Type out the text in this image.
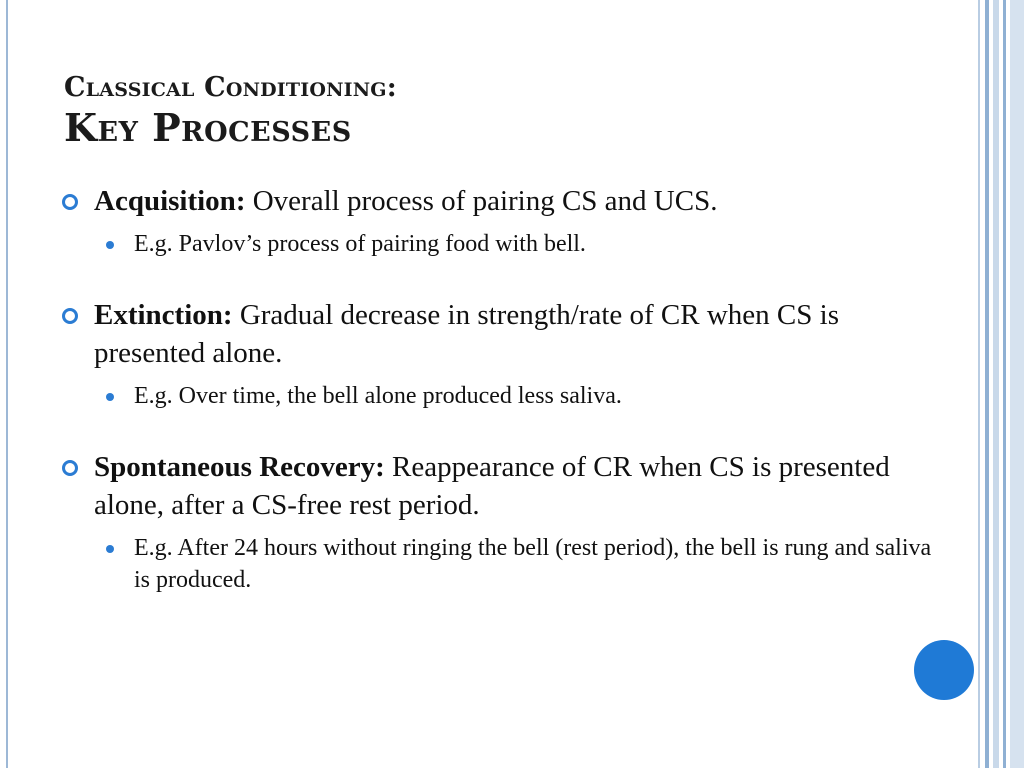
Classical Conditioning:
Key Processes
Acquisition: Overall process of pairing CS and UCS.
E.g. Pavlov’s process of pairing food with bell.
Extinction: Gradual decrease in strength/rate of CR when CS is presented alone.
E.g. Over time, the bell alone produced less saliva.
Spontaneous Recovery: Reappearance of CR when CS is presented alone, after a CS-free rest period.
E.g. After 24 hours without ringing the bell (rest period), the bell is rung and saliva is produced.
